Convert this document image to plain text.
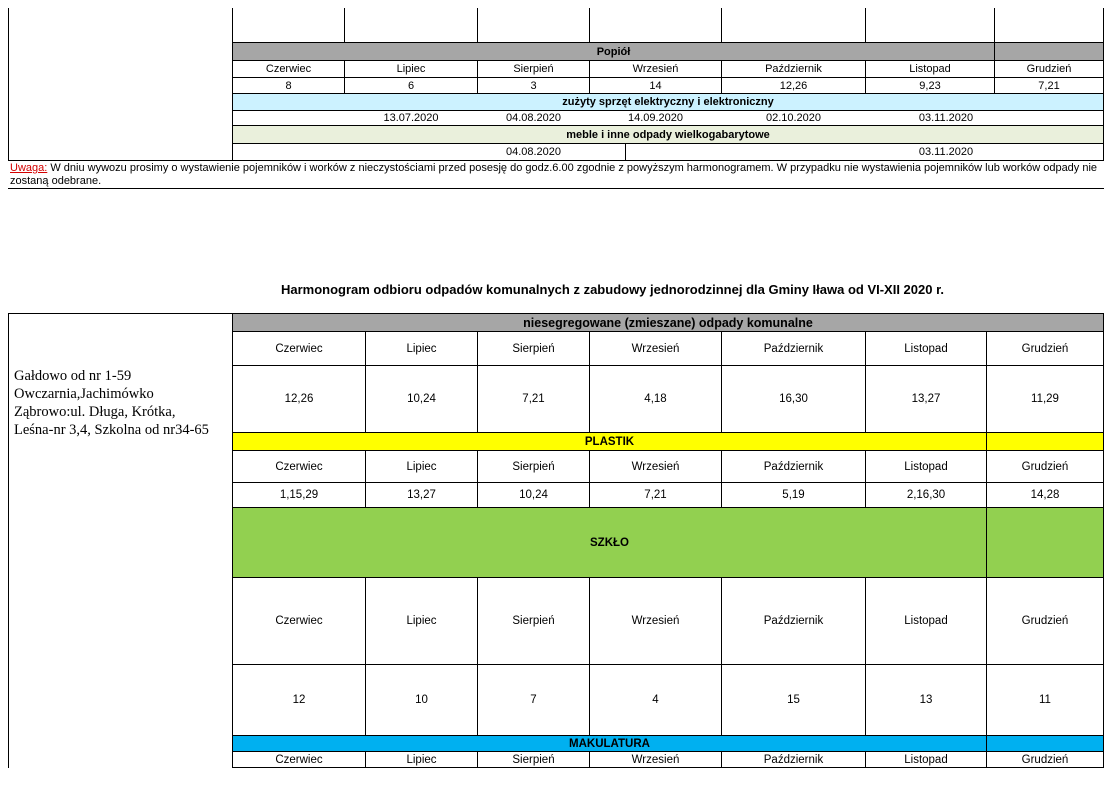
Popiół
Czerwiec	Lipiec	Sierpień	Wrzesień	Październik	Listopad	Grudzień
8	6	3	14	12,26	9,23	7,21
zużyty sprzęt elektryczny i elektroniczny
13.07.2020	04.08.2020	14.09.2020	02.10.2020	03.11.2020
meble i inne odpady wielkogabarytowe
04.08.2020	03.11.2020
Uwaga: W dniu wywozu prosimy o wystawienie pojemników i worków z nieczystościami przed posesję do godz.6.00 zgodnie z powyższym harmonogramem. W przypadku nie wystawienia pojemników lub worków odpady nie zostaną odebrane.
Harmonogram odbioru odpadów komunalnych z zabudowy jednorodzinnej dla Gminy Iława od VI-XII 2020 r.
Gałdowo od nr 1-59
Owczarnia,Jachimówko
Ząbrowo:ul. Długa, Krótka,
Leśna-nr 3,4, Szkolna od nr34-65
niesegregowane (zmieszane) odpady komunalne
Czerwiec	Lipiec	Sierpień	Wrzesień	Październik	Listopad	Grudzień
12,26	10,24	7,21	4,18	16,30	13,27	11,29
PLASTIK
Czerwiec	Lipiec	Sierpień	Wrzesień	Październik	Listopad	Grudzień
1,15,29	13,27	10,24	7,21	5,19	2,16,30	14,28
SZKŁO
Czerwiec	Lipiec	Sierpień	Wrzesień	Październik	Listopad	Grudzień
12	10	7	4	15	13	11
MAKULATURA
Czerwiec	Lipiec	Sierpień	Wrzesień	Październik	Listopad	Grudzień
